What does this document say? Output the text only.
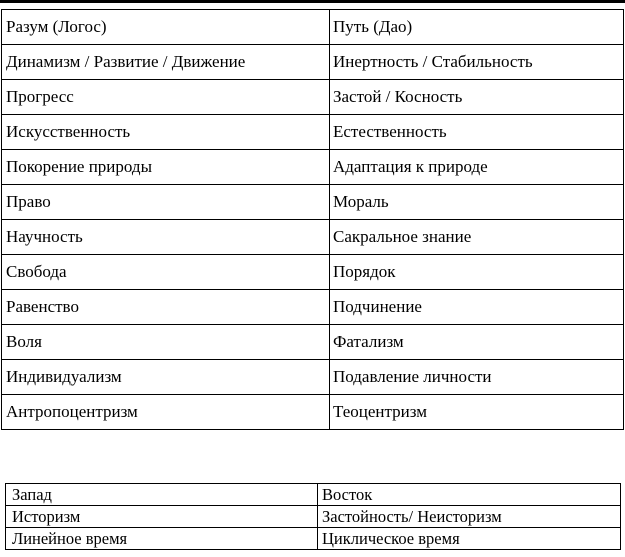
Разум (Логос)	Путь (Дао)
Динамизм / Развитие / Движение	Инертность / Стабильность
Прогресс	Застой / Косность
Искусственность	Естественность
Покорение природы	Адаптация к природе
Право	Мораль
Научность	Сакральное знание
Свобода	Порядок
Равенство	Подчинение
Воля	Фатализм
Индивидуализм	Подавление личности
Антропоцентризм	Теоцентризм
Запад	Восток
Историзм	Застойность/ Неисторизм
Линейное время	Циклическое время
